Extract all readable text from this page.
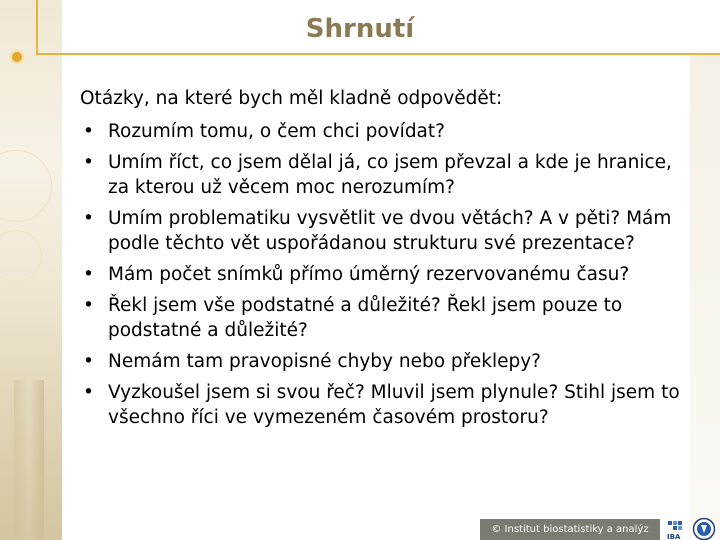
Shrnutí

Otázky, na které bych měl kladně odpovědět:

• Rozumím tomu, o čem chci povídat?
• Umím říct, co jsem dělal já, co jsem převzal a kde je hranice, za kterou už věcem moc nerozumím?
• Umím problematiku vysvětlit ve dvou větách? A v pěti? Mám podle těchto vět uspořádanou strukturu své prezentace?
• Mám počet snímků přímo úměrný rezervovanému času?
• Řekl jsem vše podstatné a důležité? Řekl jsem pouze to podstatné a důležité?
• Nemám tam pravopisné chyby nebo překlepy?
• Vyzkoušel jsem si svou řeč? Mluvil jsem plynule? Stihl jsem to všechno říci ve vymezeném časovém prostoru?
© Institut biostatistiky a analýz
IBA
